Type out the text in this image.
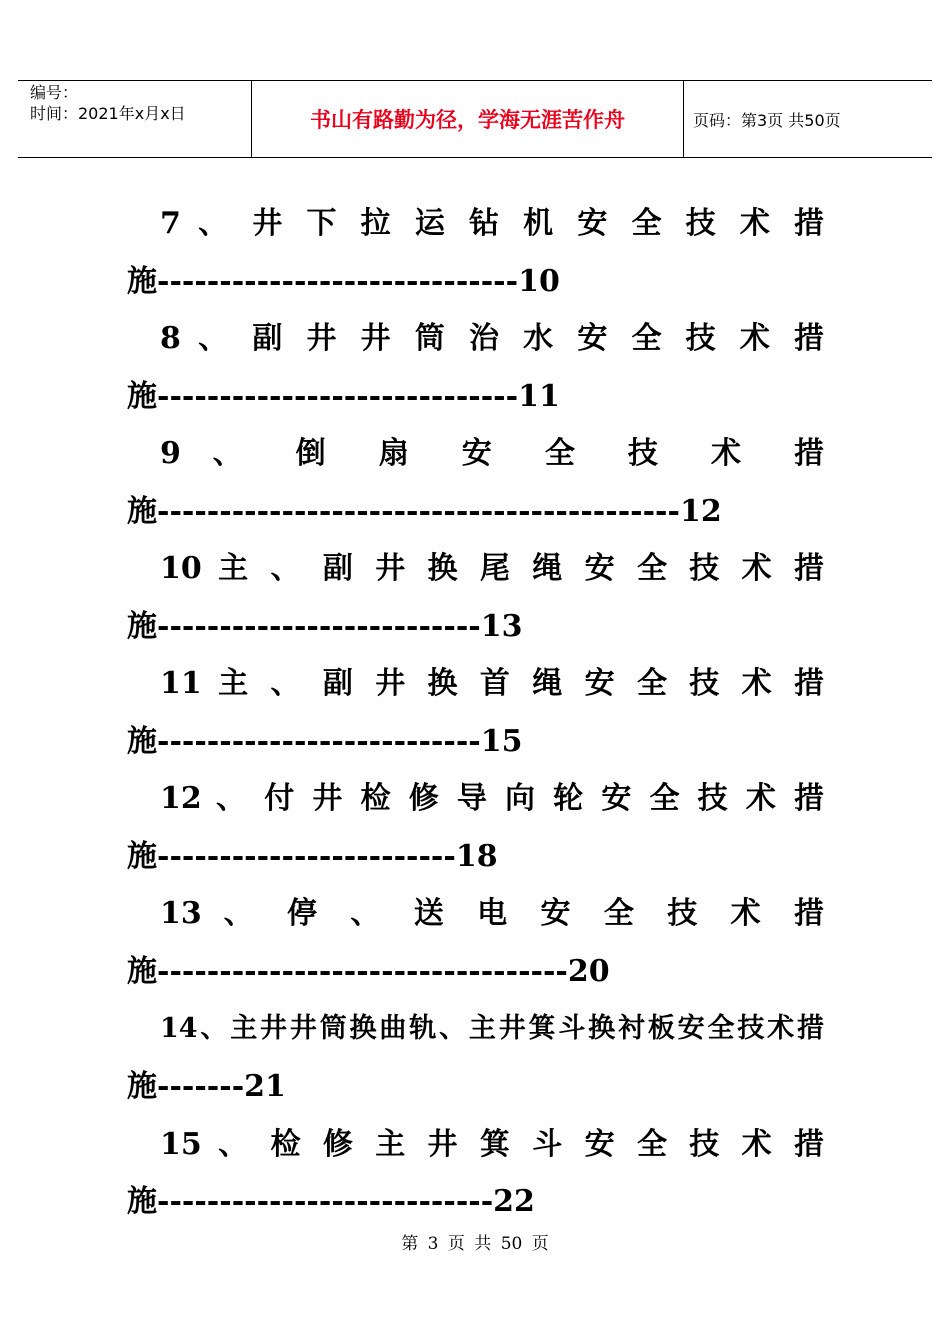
编号：
时间：2021年x月x日	书山有路勤为径，学海无涯苦作舟	页码：第3页 共50页
7 、 井 下 拉 运 钻 机 安 全 技 术 措
施-----------------------------10
8 、 副 井 井 筒 治 水 安 全 技 术 措
施-----------------------------11
9 、 倒 扇 安 全 技 术 措
施------------------------------------------12
10 主 、 副 井 换 尾 绳 安 全 技 术 措
施--------------------------13
11 主 、 副 井 换 首 绳 安 全 技 术 措
施--------------------------15
12 、 付 井 检 修 导 向 轮 安 全 技 术 措
施------------------------18
13 、 停 、 送 电 安 全 技 术 措
施---------------------------------20
14、主井井筒换曲轨、主井箕斗换衬板安全技术措
施-------21
15 、 检 修 主 井 箕 斗 安 全 技 术 措
施---------------------------22
第 3 页 共 50 页
